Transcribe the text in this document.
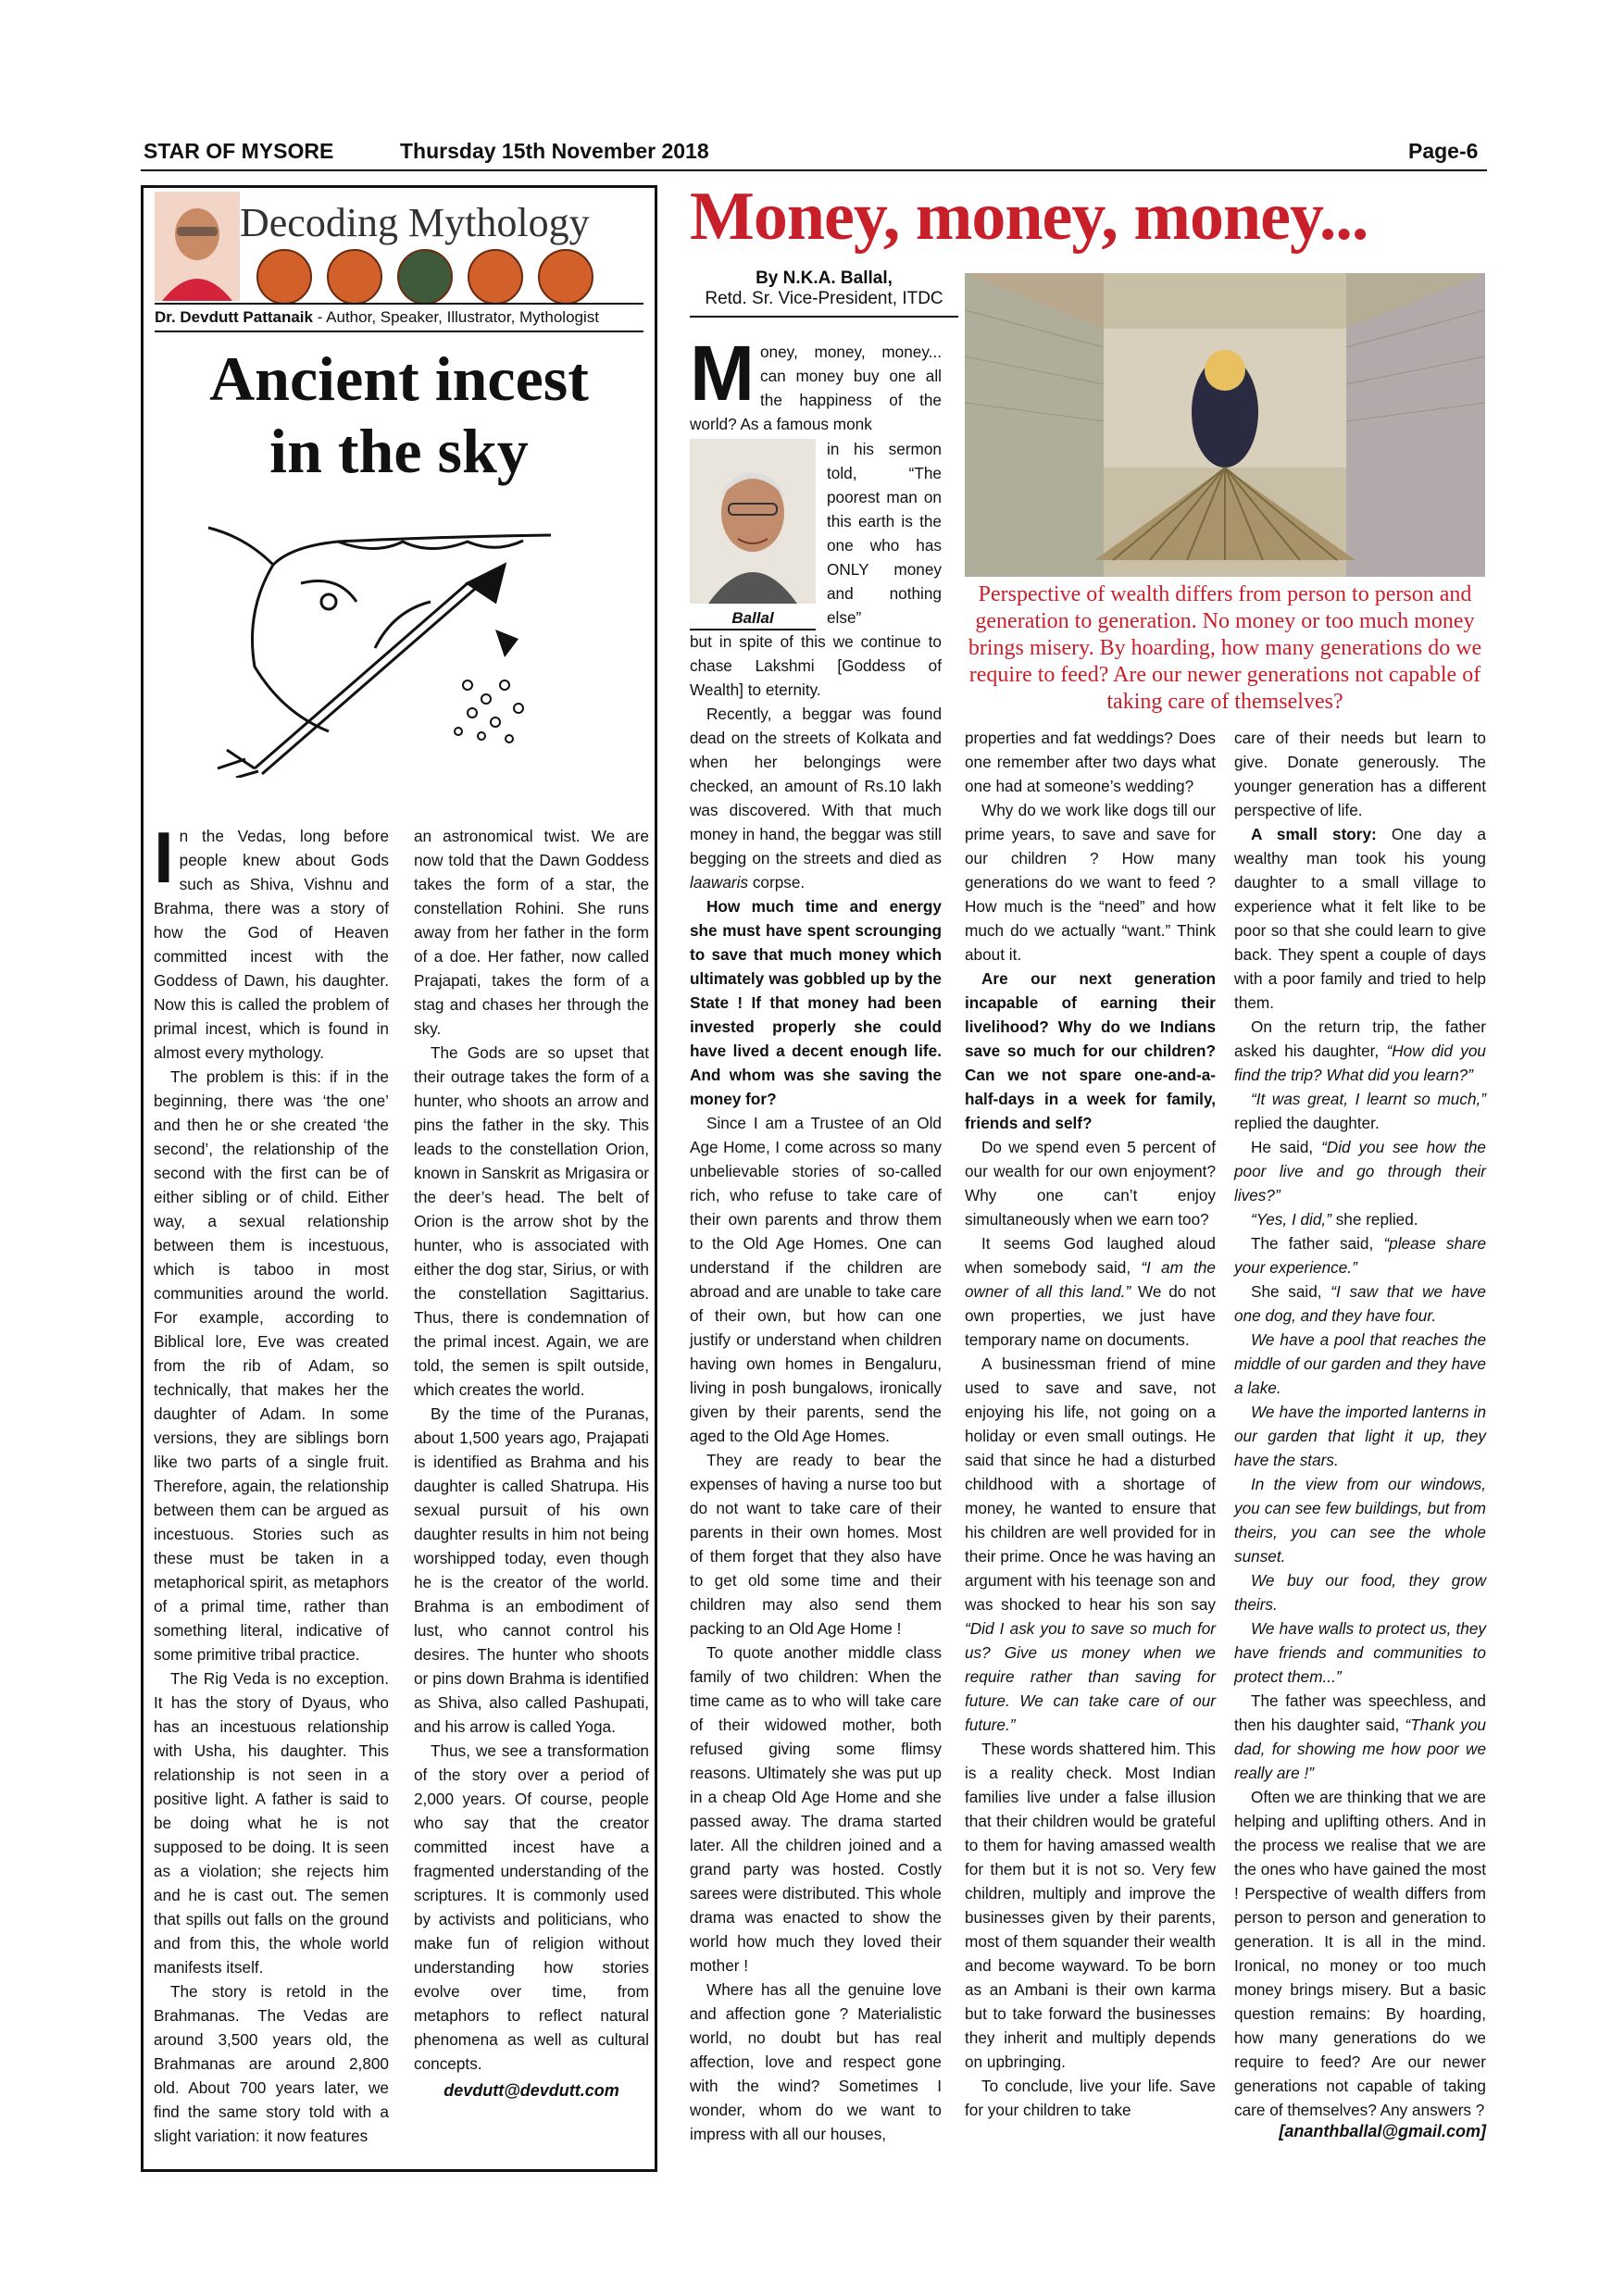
STAR OF MYSORE	Thursday 15th November 2018	Page-6
Decoding Mythology
Dr. Devdutt Pattanaik - Author, Speaker, Illustrator, Mythologist
Ancient incest
in the sky

In the Vedas, long before people knew about Gods such as Shiva, Vishnu and Brahma, there was a story of how the God of Heaven committed incest with the Goddess of Dawn, his daughter. Now this is called the problem of primal incest, which is found in almost every mythology.

The problem is this: if in the beginning, there was ‘the one’ and then he or she created ‘the second’, the relationship of the second with the first can be of either sibling or of child. Either way, a sexual relationship between them is incestuous, which is taboo in most communities around the world. For example, according to Biblical lore, Eve was created from the rib of Adam, so technically, that makes her the daughter of Adam. In some versions, they are siblings born like two parts of a single fruit. Therefore, again, the relationship between them can be argued as incestuous. Stories such as these must be taken in a metaphorical spirit, as metaphors of a primal time, rather than something literal, indicative of some primitive tribal practice.

The Rig Veda is no exception. It has the story of Dyaus, who has an incestuous relationship with Usha, his daughter. This relationship is not seen in a positive light. A father is said to be doing what he is not supposed to be doing. It is seen as a violation; she rejects him and he is cast out. The semen that spills out falls on the ground and from this, the whole world manifests itself.

The story is retold in the Brahmanas. The Vedas are around 3,500 years old, the Brahmanas are around 2,800 old. About 700 years later, we find the same story told with a slight variation: it now features

an astronomical twist. We are now told that the Dawn Goddess takes the form of a star, the constellation Rohini. She runs away from her father in the form of a doe. Her father, now called Prajapati, takes the form of a stag and chases her through the sky.

The Gods are so upset that their outrage takes the form of a hunter, who shoots an arrow and pins the father in the sky. This leads to the constellation Orion, known in Sanskrit as Mrigasira or the deer’s head. The belt of Orion is the arrow shot by the hunter, who is associated with either the dog star, Sirius, or with the constellation Sagittarius. Thus, there is condemnation of the primal incest. Again, we are told, the semen is spilt outside, which creates the world.

By the time of the Puranas, about 1,500 years ago, Prajapati is identified as Brahma and his daughter is called Shatrupa. His sexual pursuit of his own daughter results in him not being worshipped today, even though he is the creator of the world. Brahma is an embodiment of lust, who cannot control his desires. The hunter who shoots or pins down Brahma is identified as Shiva, also called Pashupati, and his arrow is called Yoga.

Thus, we see a transformation of the story over a period of 2,000 years. Of course, people who say that the creator committed incest have a fragmented understanding of the scriptures. It is commonly used by activists and politicians, who make fun of religion without understanding how stories evolve over time, from metaphors to reflect natural phenomena as well as cultural concepts.

devdutt@devdutt.com
Money, money, money...
By N.K.A. Ballal,
Retd. Sr. Vice-President, ITDC
Perspective of wealth differs from person to person and generation to generation. No money or too much money brings misery. By hoarding, how many generations do we require to feed? Are our newer generations not capable of taking care of themselves?

Money, money, money... can money buy one all the happiness of the world? As a famous monk

Ballal

in his sermon told, “The poorest man on this earth is the one who has ONLY money and nothing else”

but in spite of this we continue to chase Lakshmi [Goddess of Wealth] to eternity.

Recently, a beggar was found dead on the streets of Kolkata and when her belongings were checked, an amount of Rs.10 lakh was discovered. With that much money in hand, the beggar was still begging on the streets and died as laawaris corpse.

How much time and energy she must have spent scrounging to save that much money which ultimately was gobbled up by the State ! If that money had been invested properly she could have lived a decent enough life. And whom was she saving the money for?

Since I am a Trustee of an Old Age Home, I come across so many unbelievable stories of so-called rich, who refuse to take care of their own parents and throw them to the Old Age Homes. One can understand if the children are abroad and are unable to take care of their own, but how can one justify or understand when children having own homes in Bengaluru, living in posh bungalows, ironically given by their parents, send the aged to the Old Age Homes.

They are ready to bear the expenses of having a nurse too but do not want to take care of their parents in their own homes. Most of them forget that they also have to get old some time and their children may also send them packing to an Old Age Home !

To quote another middle class family of two children: When the time came as to who will take care of their widowed mother, both refused giving some flimsy reasons. Ultimately she was put up in a cheap Old Age Home and she passed away. The drama started later. All the children joined and a grand party was hosted. Costly sarees were distributed. This whole drama was enacted to show the world how much they loved their mother !

Where has all the genuine love and affection gone ? Materialistic world, no doubt but has real affection, love and respect gone with the wind? Sometimes I wonder, whom do we want to impress with all our houses,

properties and fat weddings? Does one remember after two days what one had at someone’s wedding?

Why do we work like dogs till our prime years, to save and save for our children ? How many generations do we want to feed ? How much is the “need” and how much do we actually “want.” Think about it.

Are our next generation incapable of earning their livelihood? Why do we Indians save so much for our children? Can we not spare one-and-a-half-days in a week for family, friends and self?

Do we spend even 5 percent of our wealth for our own enjoyment? Why one can’t enjoy simultaneously when we earn too?

It seems God laughed aloud when somebody said, “I am the owner of all this land.” We do not own properties, we just have temporary name on documents.

A businessman friend of mine used to save and save, not enjoying his life, not going on a holiday or even small outings. He said that since he had a disturbed childhood with a shortage of money, he wanted to ensure that his children are well provided for in their prime. Once he was having an argument with his teenage son and was shocked to hear his son say “Did I ask you to save so much for us? Give us money when we require rather than saving for future. We can take care of our future.”

These words shattered him. This is a reality check. Most Indian families live under a false illusion that their children would be grateful to them for having amassed wealth for them but it is not so. Very few children, multiply and improve the businesses given by their parents, most of them squander their wealth and become wayward. To be born as an Ambani is their own karma but to take forward the businesses they inherit and multiply depends on upbringing.

To conclude, live your life. Save for your children to take

care of their needs but learn to give. Donate generously. The younger generation has a different perspective of life.

A small story: One day a wealthy man took his young daughter to a small village to experience what it felt like to be poor so that she could learn to give back. They spent a couple of days with a poor family and tried to help them.

On the return trip, the father asked his daughter, “How did you find the trip? What did you learn?”

“It was great, I learnt so much,” replied the daughter.

He said, “Did you see how the poor live and go through their lives?”

“Yes, I did,” she replied.

The father said, “please share your experience.”

She said, “I saw that we have one dog, and they have four.

We have a pool that reaches the middle of our garden and they have a lake.

We have the imported lanterns in our garden that light it up, they have the stars.

In the view from our windows, you can see few buildings, but from theirs, you can see the whole sunset.

We buy our food, they grow theirs.

We have walls to protect us, they have friends and communities to protect them...”

The father was speechless, and then his daughter said, “Thank you dad, for showing me how poor we really are !”

Often we are thinking that we are helping and uplifting others. And in the process we realise that we are the ones who have gained the most ! Perspective of wealth differs from person to person and generation to generation. It is all in the mind. Ironical, no money or too much money brings misery. But a basic question remains: By hoarding, how many generations do we require to feed? Are our newer generations not capable of taking care of themselves? Any answers ?

[ananthballal@gmail.com]
